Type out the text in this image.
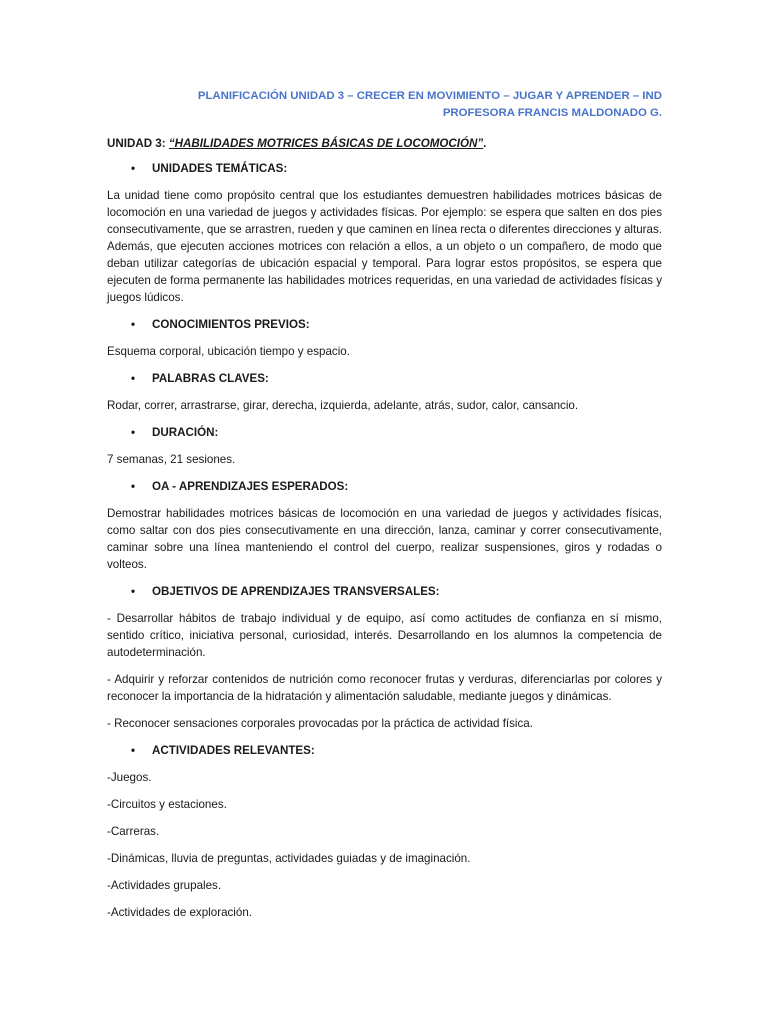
PLANIFICACIÓN UNIDAD 3 – CRECER EN MOVIMIENTO – JUGAR Y APRENDER – IND
PROFESORA FRANCIS MALDONADO G.
UNIDAD 3: “HABILIDADES MOTRICES BÁSICAS DE LOCOMOCIÓN”.
• UNIDADES TEMÁTICAS:

La unidad tiene como propósito central que los estudiantes demuestren habilidades motrices básicas de locomoción en una variedad de juegos y actividades físicas. Por ejemplo: se espera que salten en dos pies consecutivamente, que se arrastren, rueden y que caminen en línea recta o diferentes direcciones y alturas. Además, que ejecuten acciones motrices con relación a ellos, a un objeto o un compañero, de modo que deban utilizar categorías de ubicación espacial y temporal. Para lograr estos propósitos, se espera que ejecuten de forma permanente las habilidades motrices requeridas, en una variedad de actividades físicas y juegos lúdicos.

• CONOCIMIENTOS PREVIOS:

Esquema corporal, ubicación tiempo y espacio.

• PALABRAS CLAVES:

Rodar, correr, arrastrarse, girar, derecha, izquierda, adelante, atrás, sudor, calor, cansancio.

• DURACIÓN:

7 semanas, 21 sesiones.

• OA - APRENDIZAJES ESPERADOS:

Demostrar habilidades motrices básicas de locomoción en una variedad de juegos y actividades físicas, como saltar con dos pies consecutivamente en una dirección, lanza, caminar y correr consecutivamente, caminar sobre una línea manteniendo el control del cuerpo, realizar suspensiones, giros y rodadas o volteos.

• OBJETIVOS DE APRENDIZAJES TRANSVERSALES:

- Desarrollar hábitos de trabajo individual y de equipo, así como actitudes de confianza en sí mismo, sentido crítico, iniciativa personal, curiosidad, interés. Desarrollando en los alumnos la competencia de autodeterminación.

- Adquirir y reforzar contenidos de nutrición como reconocer frutas y verduras, diferenciarlas por colores y reconocer la importancia de la hidratación y alimentación saludable, mediante juegos y dinámicas.

- Reconocer sensaciones corporales provocadas por la práctica de actividad física.

• ACTIVIDADES RELEVANTES:
-Juegos.
-Circuitos y estaciones.
-Carreras.
-Dinámicas, lluvia de preguntas, actividades guiadas y de imaginación.
-Actividades grupales.
-Actividades de exploración.
